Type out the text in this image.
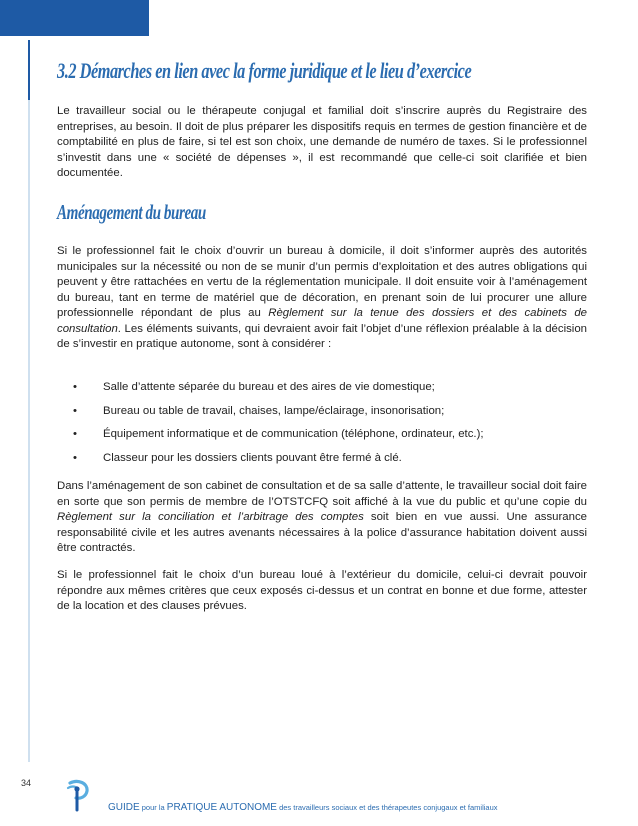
3.2 Démarches en lien avec la forme juridique et le lieu d’exercice

Le travailleur social ou le thérapeute conjugal et familial doit s’inscrire auprès du Registraire des entreprises, au besoin. Il doit de plus préparer les dispositifs requis en termes de gestion financière et de comptabilité en plus de faire, si tel est son choix, une demande de numéro de taxes. Si le professionnel s’investit dans une « société de dépenses », il est recommandé que celle-ci soit clarifiée et bien documentée.

Aménagement du bureau

Si le professionnel fait le choix d’ouvrir un bureau à domicile, il doit s’informer auprès des autorités municipales sur la nécessité ou non de se munir d’un permis d’exploitation et des autres obligations qui peuvent y être rattachées en vertu de la réglementation municipale. Il doit ensuite voir à l’aménagement du bureau, tant en terme de matériel que de décoration, en prenant soin de lui procurer une allure professionnelle répondant de plus au Règlement sur la tenue des dossiers et des cabinets de consultation. Les éléments suivants, qui devraient avoir fait l’objet d’une réflexion préalable à la décision de s’investir en pratique autonome, sont à considérer :

• Salle d’attente séparée du bureau et des aires de vie domestique;
• Bureau ou table de travail, chaises, lampe/éclairage, insonorisation;
• Équipement informatique et de communication (téléphone, ordinateur, etc.);
• Classeur pour les dossiers clients pouvant être fermé à clé.

Dans l’aménagement de son cabinet de consultation et de sa salle d’attente, le travailleur social doit faire en sorte que son permis de membre de l’OTSTCFQ soit affiché à la vue du public et qu’une copie du Règlement sur la conciliation et l’arbitrage des comptes soit bien en vue aussi. Une assurance responsabilité civile et les autres avenants nécessaires à la police d’assurance habitation doivent aussi être contractés.

Si le professionnel fait le choix d’un bureau loué à l’extérieur du domicile, celui-ci devrait pouvoir répondre aux mêmes critères que ceux exposés ci-dessus et un contrat en bonne et due forme, attester de la location et des clauses prévues.

34
GUIDE pour la PRATIQUE AUTONOME des travailleurs sociaux et des thérapeutes conjugaux et familiaux
